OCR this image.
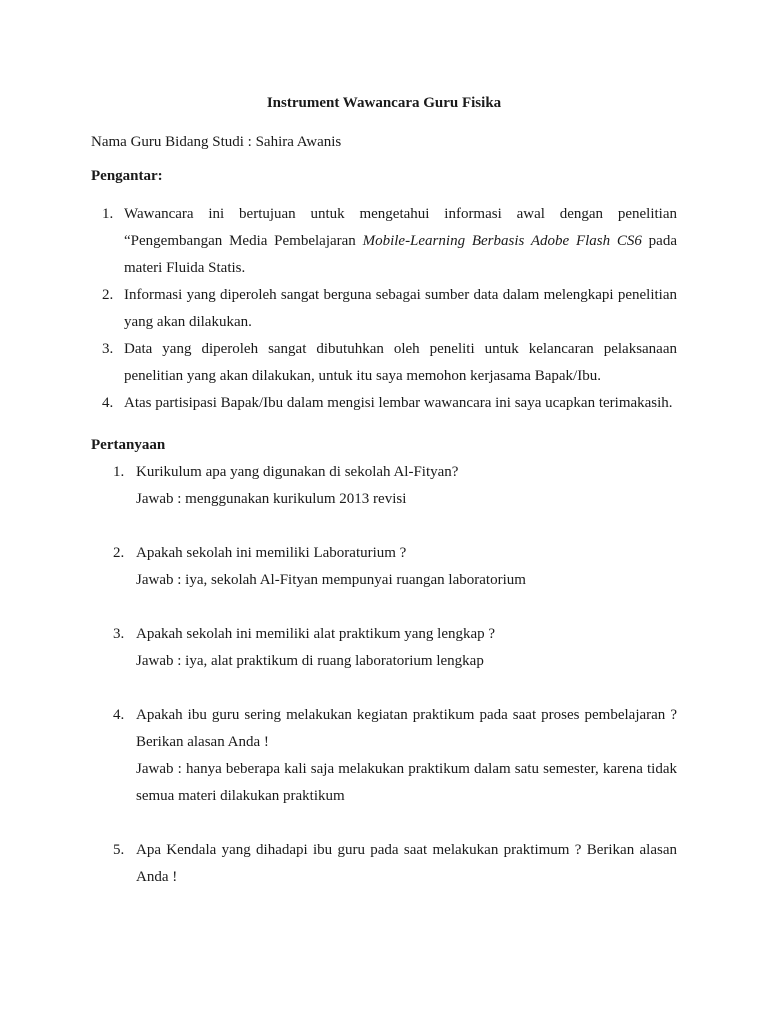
Instrument Wawancara Guru Fisika

Nama Guru Bidang Studi : Sahira Awanis

Pengantar:

1. Wawancara ini bertujuan untuk mengetahui informasi awal dengan penelitian “Pengembangan Media Pembelajaran Mobile-Learning Berbasis Adobe Flash CS6 pada materi Fluida Statis.
2. Informasi yang diperoleh sangat berguna sebagai sumber data dalam melengkapi penelitian yang akan dilakukan.
3. Data yang diperoleh sangat dibutuhkan oleh peneliti untuk kelancaran pelaksanaan penelitian yang akan dilakukan, untuk itu saya memohon kerjasama Bapak/Ibu.
4. Atas partisipasi Bapak/Ibu dalam mengisi lembar wawancara ini saya ucapkan terimakasih.

Pertanyaan

1. Kurikulum apa yang digunakan di sekolah Al-Fityan?
Jawab : menggunakan kurikulum 2013 revisi
2. Apakah sekolah ini memiliki Laboraturium ?
Jawab : iya, sekolah Al-Fityan mempunyai ruangan laboratorium
3. Apakah sekolah ini memiliki alat praktikum yang lengkap ?
Jawab : iya, alat praktikum di ruang laboratorium lengkap
4. Apakah ibu guru sering melakukan kegiatan praktikum pada saat proses pembelajaran ? Berikan alasan Anda !
Jawab : hanya beberapa kali saja melakukan praktikum dalam satu semester, karena tidak semua materi dilakukan praktikum
5. Apa Kendala yang dihadapi ibu guru pada saat melakukan praktimum ? Berikan alasan Anda !
